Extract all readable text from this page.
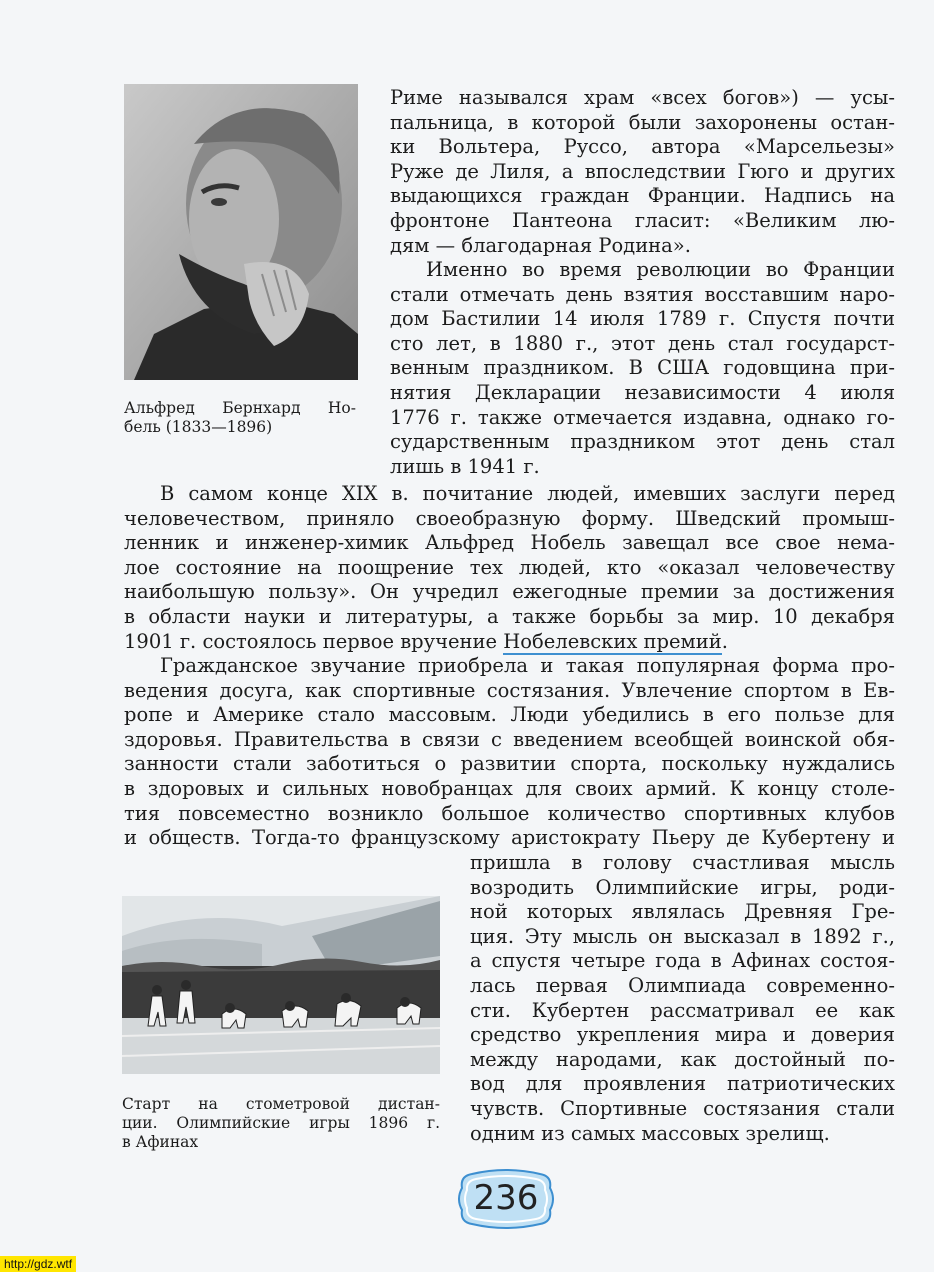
Альфред Бернхард Но-
бель (1833—1896)
Риме назывался храм «всех богов») — усы-
пальница, в которой были захоронены остан-
ки Вольтера, Руссо, автора «Марсельезы»
Руже де Лиля, а впоследствии Гюго и других
выдающихся граждан Франции. Надпись на
фронтоне Пантеона гласит: «Великим лю-
дям — благодарная Родина».
Именно во время революции во Франции
стали отмечать день взятия восставшим наро-
дом Бастилии 14 июля 1789 г. Спустя почти
сто лет, в 1880 г., этот день стал государст-
венным праздником. В США годовщина при-
нятия Декларации независимости 4 июля
1776 г. также отмечается издавна, однако го-
сударственным праздником этот день стал
лишь в 1941 г.
В самом конце XIX в. почитание людей, имевших заслуги перед
человечеством, приняло своеобразную форму. Шведский промыш-
ленник и инженер-химик Альфред Нобель завещал все свое нема-
лое состояние на поощрение тех людей, кто «оказал человечеству
наибольшую пользу». Он учредил ежегодные премии за достижения
в области науки и литературы, а также борьбы за мир. 10 декабря
1901 г. состоялось первое вручение Нобелевских премий.
Гражданское звучание приобрела и такая популярная форма про-
ведения досуга, как спортивные состязания. Увлечение спортом в Ев-
ропе и Америке стало массовым. Люди убедились в его пользе для
здоровья. Правительства в связи с введением всеобщей воинской обя-
занности стали заботиться о развитии спорта, поскольку нуждались
в здоровых и сильных новобранцах для своих армий. К концу столе-
тия повсеместно возникло большое количество спортивных клубов
и обществ. Тогда-то французскому аристократу Пьеру де Кубертену и
пришла в голову счастливая мысль
возродить Олимпийские игры, роди-
ной которых являлась Древняя Гре-
ция. Эту мысль он высказал в 1892 г.,
а спустя четыре года в Афинах состоя-
лась первая Олимпиада современно-
сти. Кубертен рассматривал ее как
средство укрепления мира и доверия
между народами, как достойный по-
вод для проявления патриотических
чувств. Спортивные состязания стали
одним из самых массовых зрелищ.
Старт на стометровой дистан-
ции. Олимпийские игры 1896 г.
в Афинах
236
http://gdz.wtf
